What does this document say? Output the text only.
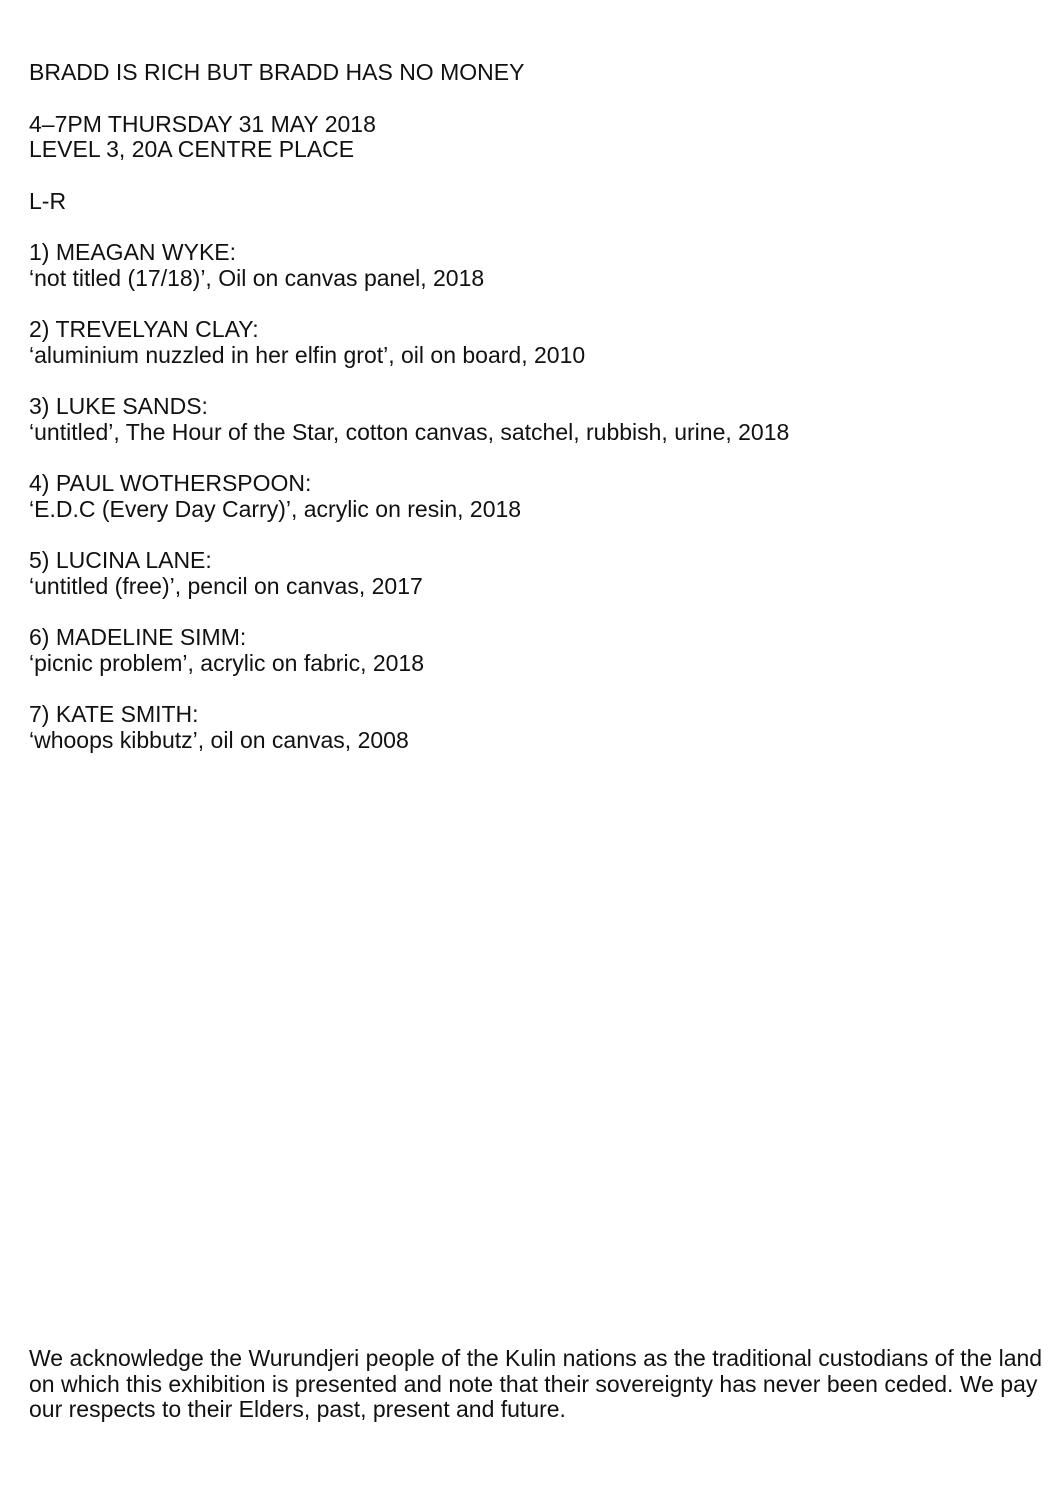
BRADD IS RICH BUT BRADD HAS NO MONEY
4–7PM THURSDAY 31 MAY 2018
LEVEL 3, 20A CENTRE PLACE
L-R
1) MEAGAN WYKE:
‘not titled (17/18)’, Oil on canvas panel, 2018
2) TREVELYAN CLAY:
‘aluminium nuzzled in her elfin grot’, oil on board, 2010
3) LUKE SANDS:
‘untitled’, The Hour of the Star, cotton canvas, satchel, rubbish, urine, 2018
4) PAUL WOTHERSPOON:
‘E.D.C (Every Day Carry)’, acrylic on resin, 2018
5) LUCINA LANE:
‘untitled (free)’, pencil on canvas, 2017
6) MADELINE SIMM:
‘picnic problem’, acrylic on fabric, 2018
7) KATE SMITH:
‘whoops kibbutz’, oil on canvas, 2008

We acknowledge the Wurundjeri people of the Kulin nations as the traditional custodians of the land on which this exhibition is presented and note that their sovereignty has never been ceded. We pay our respects to their Elders, past, present and future.
